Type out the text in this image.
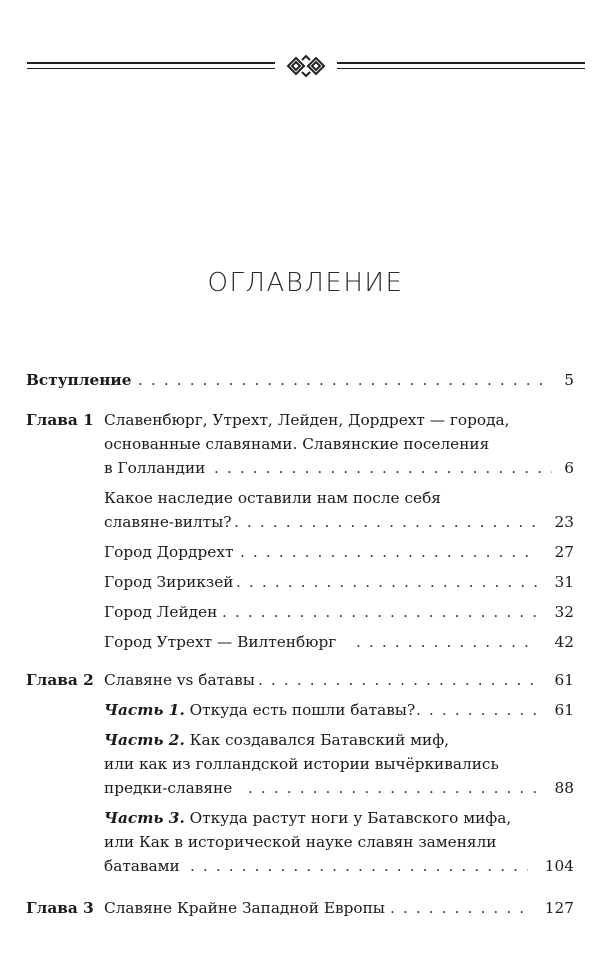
ОГЛАВЛЕНИЕ
Вступление . . .	5
Глава 1 Славенбюрг, Утрехт, Лейден, Дордрехт — города,
основанные славянами. Славянские поселения
в Голландии . . .	6
Какое наследие оставили нам после себя
славяне-вилты? . . .	23
Город Дордрехт . . .	27
Город Зирикзей . . .	31
Город Лейден . . .	32
Город Утрехт — Вилтенбюрг . . .	42
Глава 2 Славяне vs батавы . . .	61
Часть 1. Откуда есть пошли батавы? . . .	61
Часть 2. Как создавался Батавский миф,
или как из голландской истории вычёркивались
предки-славяне . . .	88
Часть 3. Откуда растут ноги у Батавского мифа,
или Как в исторической науке славян заменяли
батавами . . .	104
Глава 3 Славяне Крайне Западной Европы . . .	127
